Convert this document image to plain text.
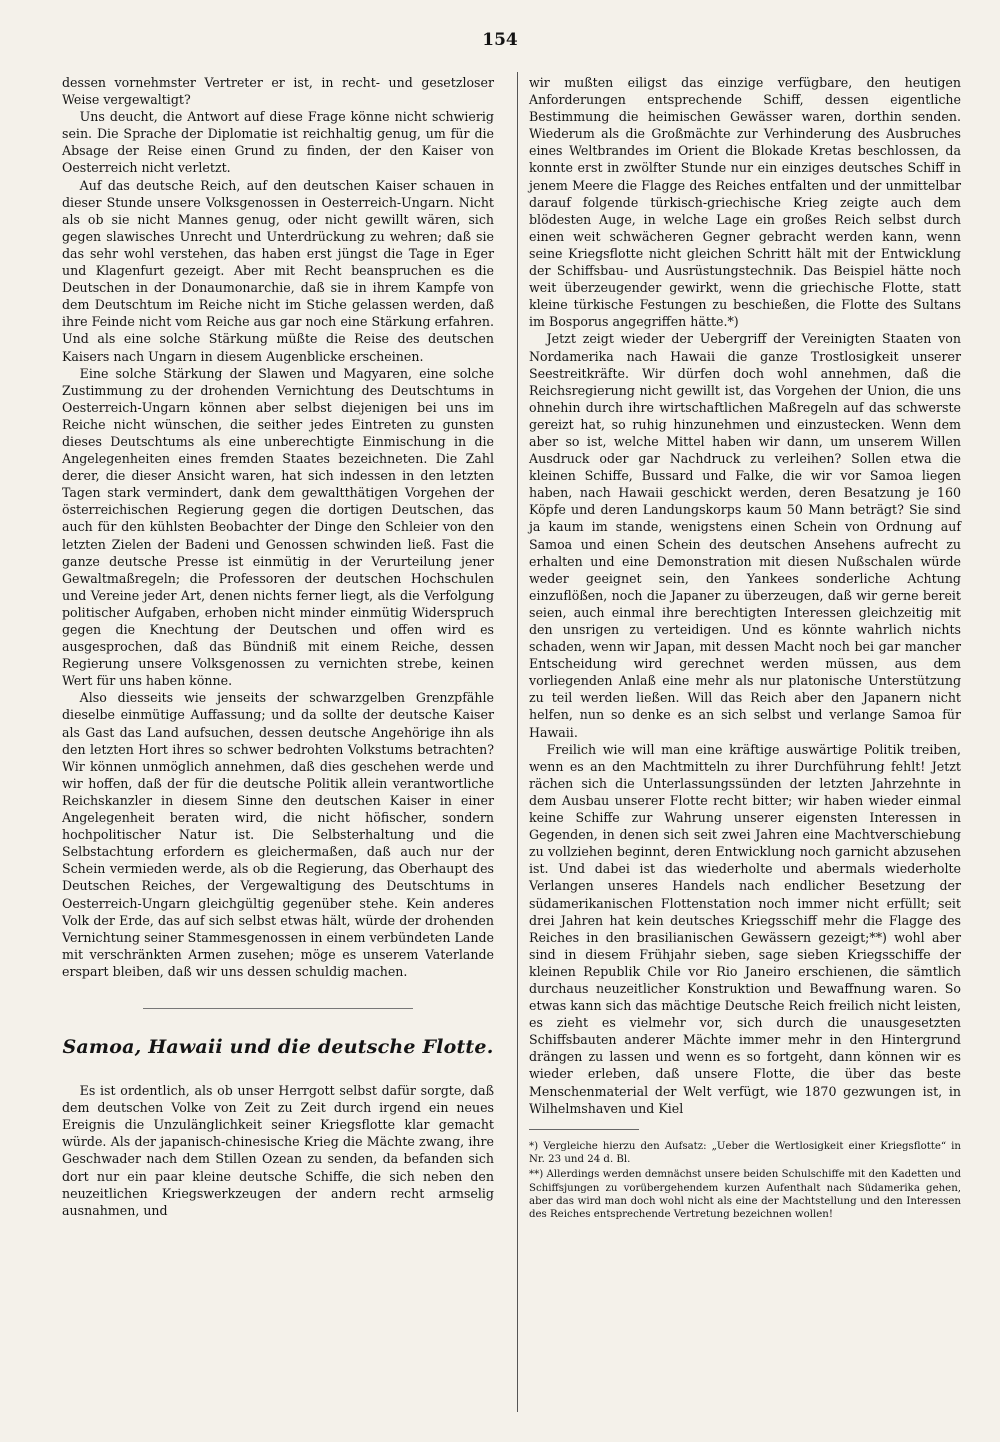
154

dessen vornehmster Vertreter er ist, in recht- und gesetzloser Weise vergewaltigt?

Uns deucht, die Antwort auf diese Frage könne nicht schwierig sein. Die Sprache der Diplomatie ist reichhaltig genug, um für die Absage der Reise einen Grund zu finden, der den Kaiser von Oesterreich nicht verletzt.

Auf das deutsche Reich, auf den deutschen Kaiser schauen in dieser Stunde unsere Volksgenossen in Oesterreich-Ungarn. Nicht als ob sie nicht Mannes genug, oder nicht gewillt wären, sich gegen slawisches Unrecht und Unterdrückung zu wehren; daß sie das sehr wohl verstehen, das haben erst jüngst die Tage in Eger und Klagenfurt gezeigt. Aber mit Recht beanspruchen es die Deutschen in der Donaumonarchie, daß sie in ihrem Kampfe von dem Deutschtum im Reiche nicht im Stiche gelassen werden, daß ihre Feinde nicht vom Reiche aus gar noch eine Stärkung erfahren. Und als eine solche Stärkung müßte die Reise des deutschen Kaisers nach Ungarn in diesem Augenblicke erscheinen.

Eine solche Stärkung der Slawen und Magyaren, eine solche Zustimmung zu der drohenden Vernichtung des Deutschtums in Oesterreich-Ungarn können aber selbst diejenigen bei uns im Reiche nicht wünschen, die seither jedes Eintreten zu gunsten dieses Deutschtums als eine unberechtigte Einmischung in die Angelegenheiten eines fremden Staates bezeichneten. Die Zahl derer, die dieser Ansicht waren, hat sich indessen in den letzten Tagen stark vermindert, dank dem gewaltthätigen Vorgehen der österreichischen Regierung gegen die dortigen Deutschen, das auch für den kühlsten Beobachter der Dinge den Schleier von den letzten Zielen der Badeni und Genossen schwinden ließ. Fast die ganze deutsche Presse ist einmütig in der Verurteilung jener Gewaltmaßregeln; die Professoren der deutschen Hochschulen und Vereine jeder Art, denen nichts ferner liegt, als die Verfolgung politischer Aufgaben, erhoben nicht minder einmütig Widerspruch gegen die Knechtung der Deutschen und offen wird es ausgesprochen, daß das Bündniß mit einem Reiche, dessen Regierung unsere Volksgenossen zu vernichten strebe, keinen Wert für uns haben könne.

Also diesseits wie jenseits der schwarzgelben Grenzpfähle dieselbe einmütige Auffassung; und da sollte der deutsche Kaiser als Gast das Land aufsuchen, dessen deutsche Angehörige ihn als den letzten Hort ihres so schwer bedrohten Volkstums betrachten? Wir können unmöglich annehmen, daß dies geschehen werde und wir hoffen, daß der für die deutsche Politik allein verantwortliche Reichskanzler in diesem Sinne den deutschen Kaiser in einer Angelegenheit beraten wird, die nicht höfischer, sondern hochpolitischer Natur ist. Die Selbsterhaltung und die Selbstachtung erfordern es gleichermaßen, daß auch nur der Schein vermieden werde, als ob die Regierung, das Oberhaupt des Deutschen Reiches, der Vergewaltigung des Deutschtums in Oesterreich-Ungarn gleichgültig gegenüber stehe. Kein anderes Volk der Erde, das auf sich selbst etwas hält, würde der drohenden Vernichtung seiner Stammesgenossen in einem verbündeten Lande mit verschränkten Armen zusehen; möge es unserem Vaterlande erspart bleiben, daß wir uns dessen schuldig machen.

Samoa, Hawaii und die deutsche Flotte.

Es ist ordentlich, als ob unser Herrgott selbst dafür sorgte, daß dem deutschen Volke von Zeit zu Zeit durch irgend ein neues Ereignis die Unzulänglichkeit seiner Kriegsflotte klar gemacht würde. Als der japanisch-chinesische Krieg die Mächte zwang, ihre Geschwader nach dem Stillen Ozean zu senden, da befanden sich dort nur ein paar kleine deutsche Schiffe, die sich neben den neuzeitlichen Kriegswerkzeugen der andern recht armselig ausnahmen, und

wir mußten eiligst das einzige verfügbare, den heutigen Anforderungen entsprechende Schiff, dessen eigentliche Bestimmung die heimischen Gewässer waren, dorthin senden. Wiederum als die Großmächte zur Verhinderung des Ausbruches eines Weltbrandes im Orient die Blokade Kretas beschlossen, da konnte erst in zwölfter Stunde nur ein einziges deutsches Schiff in jenem Meere die Flagge des Reiches entfalten und der unmittelbar darauf folgende türkisch-griechische Krieg zeigte auch dem blödesten Auge, in welche Lage ein großes Reich selbst durch einen weit schwächeren Gegner gebracht werden kann, wenn seine Kriegsflotte nicht gleichen Schritt hält mit der Entwicklung der Schiffsbau- und Ausrüstungstechnik. Das Beispiel hätte noch weit überzeugender gewirkt, wenn die griechische Flotte, statt kleine türkische Festungen zu beschießen, die Flotte des Sultans im Bosporus angegriffen hätte.*)

Jetzt zeigt wieder der Uebergriff der Vereinigten Staaten von Nordamerika nach Hawaii die ganze Trostlosigkeit unserer Seestreitkräfte. Wir dürfen doch wohl annehmen, daß die Reichsregierung nicht gewillt ist, das Vorgehen der Union, die uns ohnehin durch ihre wirtschaftlichen Maßregeln auf das schwerste gereizt hat, so ruhig hinzunehmen und einzustecken. Wenn dem aber so ist, welche Mittel haben wir dann, um unserem Willen Ausdruck oder gar Nachdruck zu verleihen? Sollen etwa die kleinen Schiffe, Bussard und Falke, die wir vor Samoa liegen haben, nach Hawaii geschickt werden, deren Besatzung je 160 Köpfe und deren Landungskorps kaum 50 Mann beträgt? Sie sind ja kaum im stande, wenigstens einen Schein von Ordnung auf Samoa und einen Schein des deutschen Ansehens aufrecht zu erhalten und eine Demonstration mit diesen Nußschalen würde weder geeignet sein, den Yankees sonderliche Achtung einzuflößen, noch die Japaner zu überzeugen, daß wir gerne bereit seien, auch einmal ihre berechtigten Interessen gleichzeitig mit den unsrigen zu verteidigen. Und es könnte wahrlich nichts schaden, wenn wir Japan, mit dessen Macht noch bei gar mancher Entscheidung wird gerechnet werden müssen, aus dem vorliegenden Anlaß eine mehr als nur platonische Unterstützung zu teil werden ließen. Will das Reich aber den Japanern nicht helfen, nun so denke es an sich selbst und verlange Samoa für Hawaii.

Freilich wie will man eine kräftige auswärtige Politik treiben, wenn es an den Machtmitteln zu ihrer Durchführung fehlt! Jetzt rächen sich die Unterlassungssünden der letzten Jahrzehnte in dem Ausbau unserer Flotte recht bitter; wir haben wieder einmal keine Schiffe zur Wahrung unserer eigensten Interessen in Gegenden, in denen sich seit zwei Jahren eine Machtverschiebung zu vollziehen beginnt, deren Entwicklung noch garnicht abzusehen ist. Und dabei ist das wiederholte und abermals wiederholte Verlangen unseres Handels nach endlicher Besetzung der südamerikanischen Flottenstation noch immer nicht erfüllt; seit drei Jahren hat kein deutsches Kriegsschiff mehr die Flagge des Reiches in den brasilianischen Gewässern gezeigt;**) wohl aber sind in diesem Frühjahr sieben, sage sieben Kriegsschiffe der kleinen Republik Chile vor Rio Janeiro erschienen, die sämtlich durchaus neuzeitlicher Konstruktion und Bewaffnung waren. So etwas kann sich das mächtige Deutsche Reich freilich nicht leisten, es zieht es vielmehr vor, sich durch die unausgesetzten Schiffsbauten anderer Mächte immer mehr in den Hintergrund drängen zu lassen und wenn es so fortgeht, dann können wir es wieder erleben, daß unsere Flotte, die über das beste Menschenmaterial der Welt verfügt, wie 1870 gezwungen ist, in Wilhelmshaven und Kiel

*) Vergleiche hierzu den Aufsatz: „Ueber die Wertlosigkeit einer Kriegsflotte“ in Nr. 23 und 24 d. Bl.

**) Allerdings werden demnächst unsere beiden Schulschiffe mit den Kadetten und Schiffsjungen zu vorübergehendem kurzen Aufenthalt nach Südamerika gehen, aber das wird man doch wohl nicht als eine der Machtstellung und den Interessen des Reiches entsprechende Vertretung bezeichnen wollen!
